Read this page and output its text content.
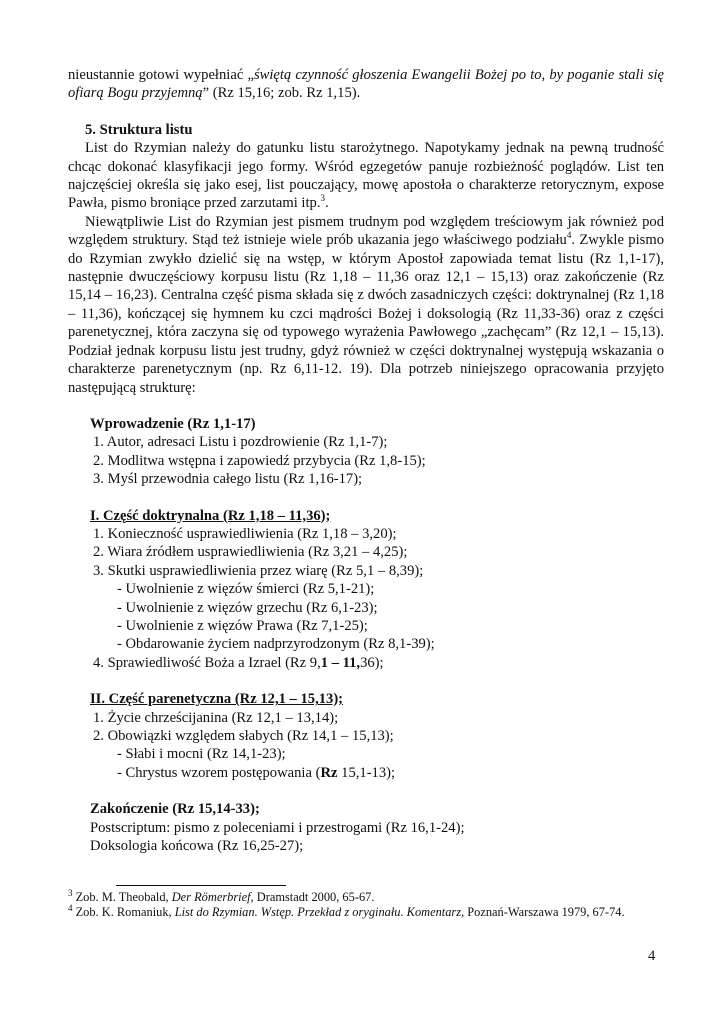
nieustannie gotowi wypełniać „świętą czynność głoszenia Ewangelii Bożej po to, by poganie stali się ofiarą Bogu przyjemną” (Rz 15,16; zob. Rz 1,15).

5. Struktura listu

List do Rzymian należy do gatunku listu starożytnego. Napotykamy jednak na pewną trudność chcąc dokonać klasyfikacji jego formy. Wśród egzegetów panuje rozbieżność poglądów. List ten najczęściej określa się jako esej, list pouczający, mowę apostoła o charakterze retorycznym, expose Pawła, pismo broniące przed zarzutami itp.$^3$.

Niewątpliwie List do Rzymian jest pismem trudnym pod względem treściowym jak również pod względem struktury. Stąd też istnieje wiele prób ukazania jego właściwego podziału$^4$. Zwykle pismo do Rzymian zwykło dzielić się na wstęp, w którym Apostoł zapowiada temat listu (Rz 1,1-17), następnie dwuczęściowy korpusu listu (Rz 1,18 – 11,36 oraz 12,1 – 15,13) oraz zakończenie (Rz 15,14 – 16,23). Centralna część pisma składa się z dwóch zasadniczych części: doktrynalnej (Rz 1,18 – 11,36), kończącej się hymnem ku czci mądrości Bożej i doksologią (Rz 11,33-36) oraz z części parenetycznej, która zaczyna się od typowego wyrażenia Pawłowego „zachęcam” (Rz 12,1 – 15,13). Podział jednak korpusu listu jest trudny, gdyż również w części doktrynalnej występują wskazania o charakterze parenetycznym (np. Rz 6,11-12. 19). Dla potrzeb niniejszego opracowania przyjęto następującą strukturę:

Wprowadzenie (Rz 1,1-17)
1. Autor, adresaci Listu i pozdrowienie (Rz 1,1-7);
2. Modlitwa wstępna i zapowiedź przybycia (Rz 1,8-15);
3. Myśl przewodnia całego listu (Rz 1,16-17);
I. Część doktrynalna (Rz 1,18 – 11,36);
1. Konieczność usprawiedliwienia (Rz 1,18 – 3,20);
2. Wiara źródłem usprawiedliwienia (Rz 3,21 – 4,25);
3. Skutki usprawiedliwienia przez wiarę (Rz 5,1 – 8,39);
- Uwolnienie z więzów śmierci (Rz 5,1-21);
- Uwolnienie z więzów grzechu (Rz 6,1-23);
- Uwolnienie z więzów Prawa (Rz 7,1-25);
- Obdarowanie życiem nadprzyrodzonym (Rz 8,1-39);
4. Sprawiedliwość Boża a Izrael (Rz 9,1 – 11,36);
II. Część parenetyczna (Rz 12,1 – 15,13);
1. Życie chrześcijanina (Rz 12,1 – 13,14);
2. Obowiązki względem słabych (Rz 14,1 – 15,13);
- Słabi i mocni (Rz 14,1-23);
- Chrystus wzorem postępowania (Rz 15,1-13);
Zakończenie (Rz 15,14-33);
Postscriptum: pismo z poleceniami i przestrogami (Rz 16,1-24);
Doksologia końcowa (Rz 16,25-27);

$^3$ Zob. M. Theobald, Der Römerbrief, Dramstadt 2000, 65-67.

$^4$ Zob. K. Romaniuk, List do Rzymian. Wstęp. Przekład z oryginału. Komentarz, Poznań-Warszawa 1979, 67-74.

4
